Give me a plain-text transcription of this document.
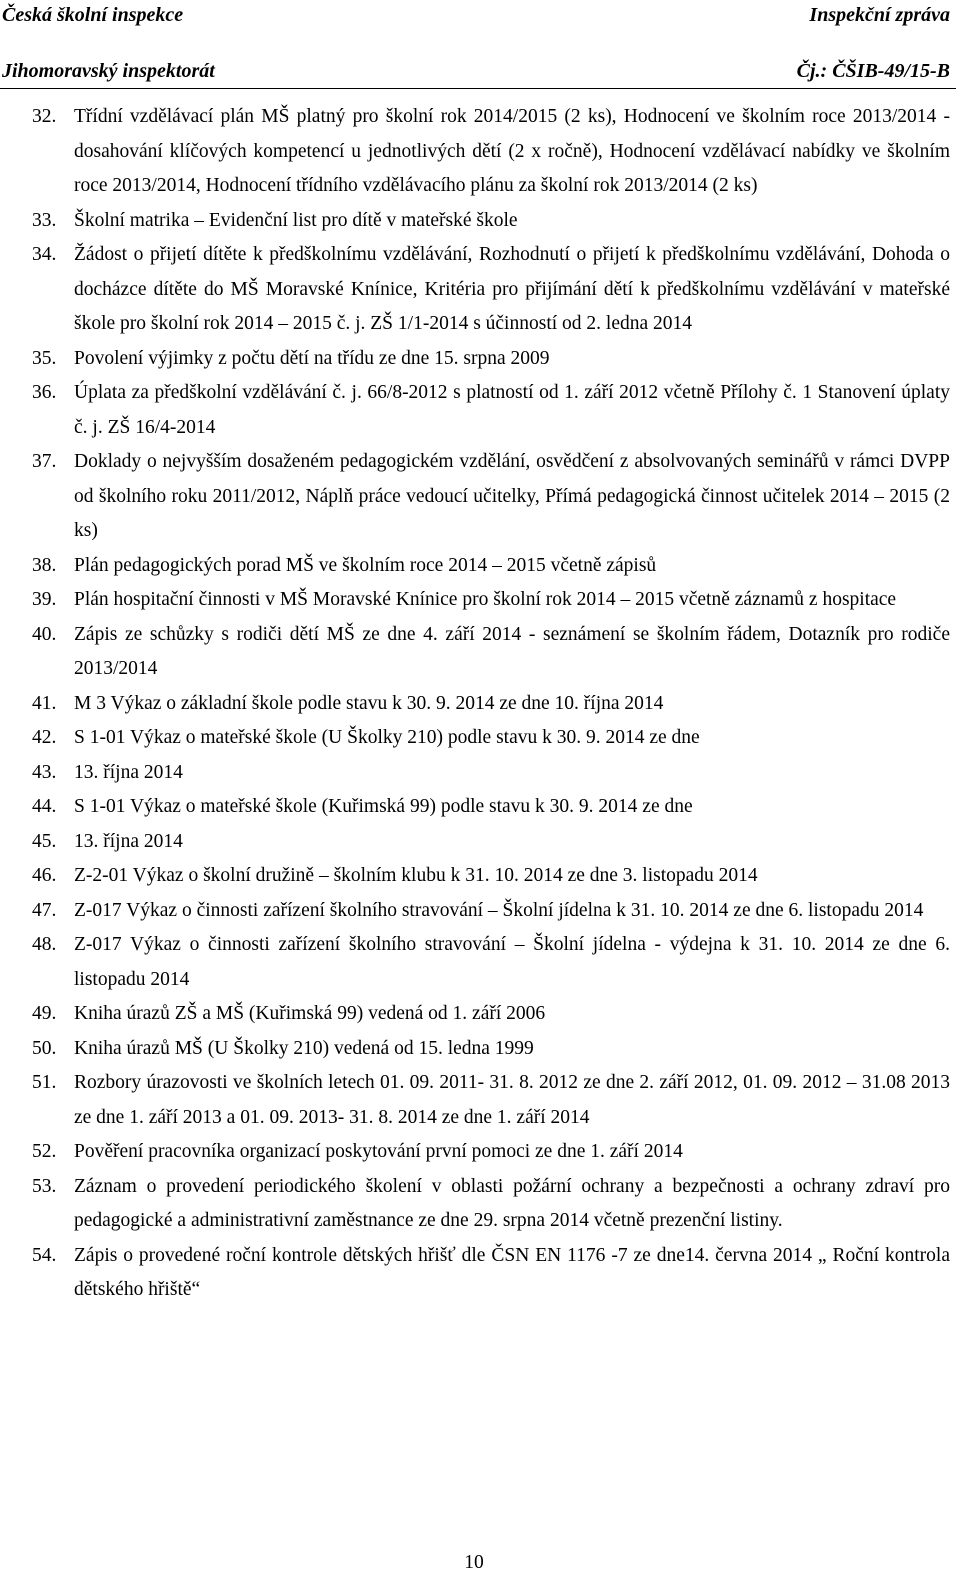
Česká školní inspekce	Inspekční zpráva
Jihomoravský inspektorát	Čj.: ČŠIB-49/15-B
32. Třídní vzdělávací plán MŠ platný pro školní rok 2014/2015 (2 ks), Hodnocení ve školním roce 2013/2014 - dosahování klíčových kompetencí u jednotlivých dětí (2 x ročně), Hodnocení vzdělávací nabídky ve školním roce 2013/2014, Hodnocení třídního vzdělávacího plánu za školní rok 2013/2014 (2 ks)
33. Školní matrika – Evidenční list pro dítě v mateřské škole
34. Žádost o přijetí dítěte k předškolnímu vzdělávání, Rozhodnutí o přijetí k předškolnímu vzdělávání, Dohoda o docházce dítěte do MŠ Moravské Knínice, Kritéria pro přijímání dětí k předškolnímu vzdělávání v mateřské škole pro školní rok 2014 – 2015 č. j. ZŠ 1/1-2014 s účinností od 2. ledna 2014
35. Povolení výjimky z počtu dětí na třídu ze dne 15. srpna 2009
36. Úplata za předškolní vzdělávání č. j. 66/8-2012 s platností od 1. září 2012 včetně Přílohy č. 1 Stanovení úplaty č. j. ZŠ 16/4-2014
37. Doklady o nejvyšším dosaženém pedagogickém vzdělání, osvědčení z absolvovaných seminářů v rámci DVPP od školního roku 2011/2012, Náplň práce vedoucí učitelky, Přímá pedagogická činnost učitelek 2014 – 2015 (2 ks)
38. Plán pedagogických porad MŠ ve školním roce 2014 – 2015 včetně zápisů
39. Plán hospitační činnosti v MŠ Moravské Knínice pro školní rok 2014 – 2015 včetně záznamů z hospitace
40. Zápis ze schůzky s rodiči dětí MŠ ze dne 4. září 2014 - seznámení se školním řádem, Dotazník pro rodiče 2013/2014
41. M 3 Výkaz o základní škole podle stavu k 30. 9. 2014 ze dne 10. října 2014
42. S 1-01 Výkaz o mateřské škole (U Školky 210) podle stavu k 30. 9. 2014 ze dne
43. 13. října 2014
44. S 1-01 Výkaz o mateřské škole (Kuřimská 99) podle stavu k 30. 9. 2014 ze dne
45. 13. října 2014
46. Z-2-01 Výkaz o školní družině – školním klubu k 31. 10. 2014 ze dne 3. listopadu 2014
47. Z-017 Výkaz o činnosti zařízení školního stravování – Školní jídelna k 31. 10. 2014 ze dne 6. listopadu 2014
48. Z-017 Výkaz o činnosti zařízení školního stravování – Školní jídelna - výdejna k 31. 10. 2014 ze dne 6. listopadu 2014
49. Kniha úrazů ZŠ a MŠ (Kuřimská 99) vedená od 1. září 2006
50. Kniha úrazů MŠ (U Školky 210) vedená od 15. ledna 1999
51. Rozbory úrazovosti ve školních letech 01. 09. 2011- 31. 8. 2012 ze dne 2. září 2012, 01. 09. 2012 – 31.08 2013 ze dne 1. září 2013 a 01. 09. 2013- 31. 8. 2014 ze dne 1. září 2014
52. Pověření pracovníka organizací poskytování první pomoci ze dne 1. září 2014
53. Záznam o provedení periodického školení v oblasti požární ochrany a bezpečnosti a ochrany zdraví pro pedagogické a administrativní zaměstnance ze dne 29. srpna 2014 včetně prezenční listiny.
54. Zápis o provedené roční kontrole dětských hřišť dle ČSN EN 1176 -7 ze dne14. června 2014 „ Roční kontrola dětského hřiště“
10
